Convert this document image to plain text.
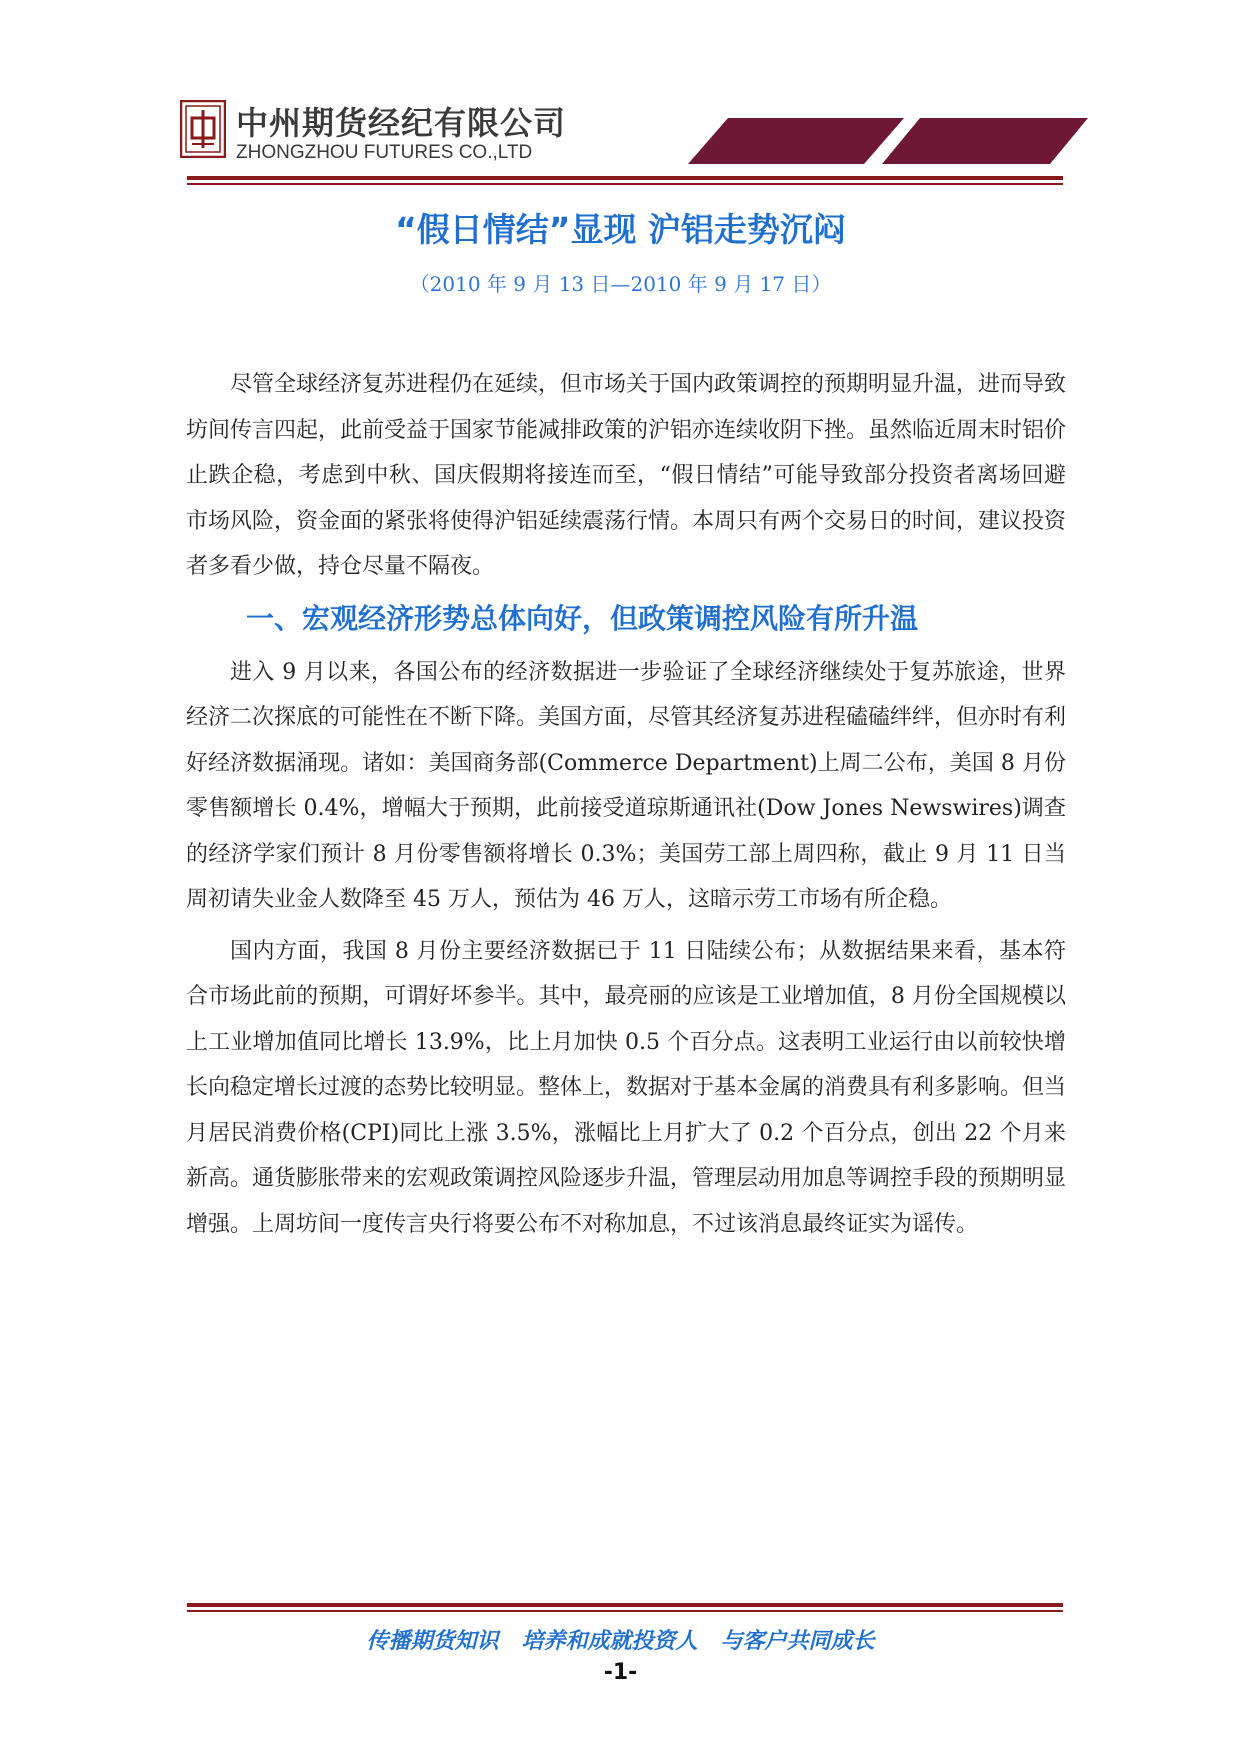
中州期货经纪有限公司
ZHONGZHOU FUTURES CO.,LTD
“假日情结”显现 沪铝走势沉闷
（2010 年 9 月 13 日—2010 年 9 月 17 日）

尽管全球经济复苏进程仍在延续，但市场关于国内政策调控的预期明显升温，进而导致坊间传言四起，此前受益于国家节能减排政策的沪铝亦连续收阴下挫。虽然临近周末时铝价止跌企稳，考虑到中秋、国庆假期将接连而至，“假日情结”可能导致部分投资者离场回避市场风险，资金面的紧张将使得沪铝延续震荡行情。本周只有两个交易日的时间，建议投资者多看少做，持仓尽量不隔夜。

一、宏观经济形势总体向好，但政策调控风险有所升温

进入 9 月以来，各国公布的经济数据进一步验证了全球经济继续处于复苏旅途，世界经济二次探底的可能性在不断下降。美国方面，尽管其经济复苏进程磕磕绊绊，但亦时有利好经济数据涌现。诸如：美国商务部(Commerce Department)上周二公布，美国 8 月份零售额增长 0.4%，增幅大于预期，此前接受道琼斯通讯社(Dow Jones Newswires)调查的经济学家们预计 8 月份零售额将增长 0.3%；美国劳工部上周四称，截止 9 月 11 日当周初请失业金人数降至 45 万人，预估为 46 万人，这暗示劳工市场有所企稳。

国内方面，我国 8 月份主要经济数据已于 11 日陆续公布；从数据结果来看，基本符合市场此前的预期，可谓好坏参半。其中，最亮丽的应该是工业增加值，8 月份全国规模以上工业增加值同比增长 13.9%，比上月加快 0.5 个百分点。这表明工业运行由以前较快增长向稳定增长过渡的态势比较明显。整体上，数据对于基本金属的消费具有利多影响。但当月居民消费价格(CPI)同比上涨 3.5%，涨幅比上月扩大了 0.2 个百分点，创出 22 个月来新高。通货膨胀带来的宏观政策调控风险逐步升温，管理层动用加息等调控手段的预期明显增强。上周坊间一度传言央行将要公布不对称加息，不过该消息最终证实为谣传。

传播期货知识   培养和成就投资人   与客户共同成长
-1-
